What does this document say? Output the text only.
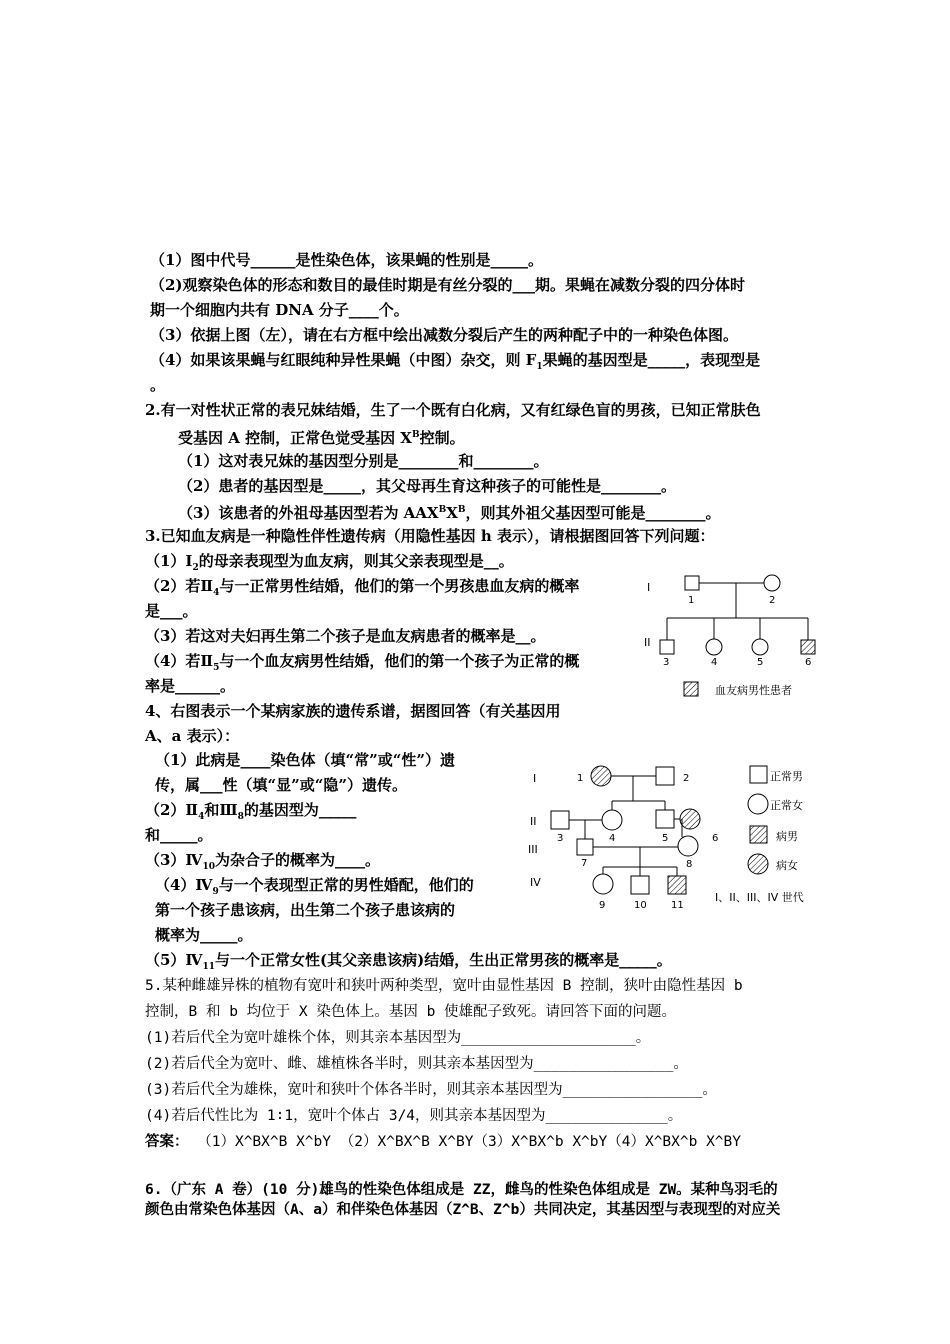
（1）图中代号______是性染色体，该果蝇的性别是_____。
（2)观察染色体的形态和数目的最佳时期是有丝分裂的___期。果蝇在减数分裂的四分体时
期一个细胞内共有 DNA 分子____个。
（3）依据上图（左），请在右方框中绘出减数分裂后产生的两种配子中的一种染色体图。
（4）如果该果蝇与红眼纯种异性果蝇（中图）杂交，则 $F_1$果蝇的基因型是_____，表现型是
。
2.有一对性状正常的表兄妹结婚，生了一个既有白化病，又有红绿色盲的男孩，已知正常肤色
受基因 A 控制，正常色觉受基因 $X^B$控制。
（1）这对表兄妹的基因型分别是________和________。
（2）患者的基因型是_____，其父母再生育这种孩子的可能性是________。
（3）该患者的外祖母基因型若为 $AAX^BX^B$，则其外祖父基因型可能是________。
3.已知血友病是一种隐性伴性遗传病（用隐性基因 h 表示），请根据图回答下列问题：
$(1)Ⅰ_2$的母亲表现型为血友病，则其父亲表现型是__。
（2）若$Ⅱ_4$与一正常男性结婚，他们的第一个男孩患血友病的概率
是___。
（3）若这对夫妇再生第二个孩子是血友病患者的概率是__。
（4）若$Ⅱ_5$与一个血友病男性结婚，他们的第一个孩子为正常的概
率是______。
I
II
1	2
3	4	5	6
血友病男性患者
4、右图表示一个某病家族的遗传系谱，据图回答（有关基因用
A、a 表示）：
（1）此病是____染色体（填“常”或“性”）遗
传，属___性（填“显”或“隐”）遗传。
$(2)Ⅱ_4$和$Ⅲ_8$的基因型为_____
和_____。
$(3)Ⅳ_{10}$为杂合子的概率为____。
$(4)Ⅳ_9$与一个表现型正常的男性婚配，他们的
第一个孩子患该病，出生第二个孩子患该病的
概率为_____。
$(5)Ⅳ_{11}$与一个正常女性(其父亲患该病)结婚，生出正常男孩的概率是_____。
I
II
III
IV
1	2
3	4	5	6
7	8
9	10 11
正常男
正常女
病男
病女
I、II、III、IV 世代
5.某种雌雄异株的植物有宽叶和狭叶两种类型，宽叶由显性基因 B 控制，狭叶由隐性基因 b
控制，B 和 b 均位于 X 染色体上。基因 b 使雄配子致死。请回答下面的问题。
(1)若后代全为宽叶雄株个体，则其亲本基因型为____________________。
(2)若后代全为宽叶、雌、雄植株各半时，则其亲本基因型为________________。
(3)若后代全为雄株，宽叶和狭叶个体各半时，则其亲本基因型为________________。
(4)若后代性比为 1∶1，宽叶个体占 3/4，则其亲本基因型为______________。
答案： （1）X^BX^B X^bY （2）X^BX^B X^BY（3）X^BX^b X^bY（4）X^BX^b X^BY
6.（广东 A 卷）(10 分)雄鸟的性染色体组成是 ZZ，雌鸟的性染色体组成是 ZW。某种鸟羽毛的
颜色由常染色体基因（A、a）和伴染色体基因（Z^B、Z^b）共同决定，其基因型与表现型的对应关
